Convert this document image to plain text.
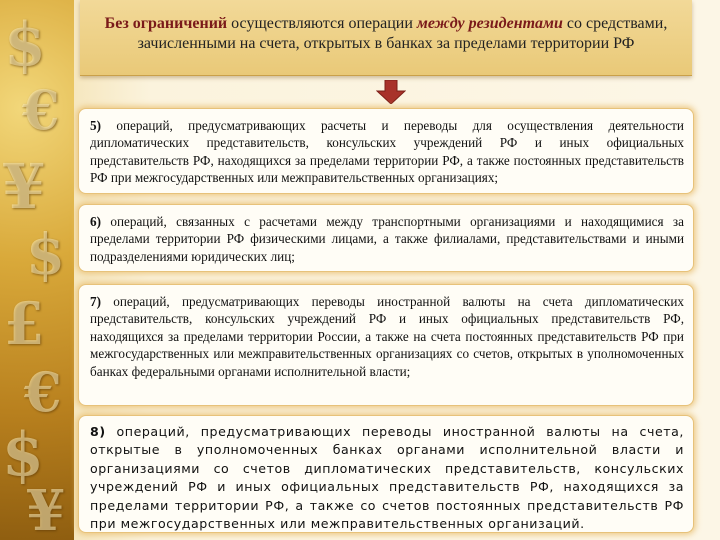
$
€
¥
$
£
€
$
¥
Без ограничений осуществляются операции между резидентами со средствами, зачисленными на счета, открытых в банках за пределами территории РФ
5) операций, предусматривающих расчеты и переводы для осуществления деятельности дипломатических представительств, консульских учреждений РФ и иных официальных представительств РФ, находящихся за пределами территории РФ, а также постоянных представительств РФ при межгосударственных или межправительственных организациях;
6) операций, связанных с расчетами между транспортными организациями и находящимися за пределами территории РФ физическими лицами, а также филиалами, представительствами и иными подразделениями юридических лиц;
7) операций, предусматривающих переводы иностранной валюты на счета дипломатических представительств, консульских учреждений РФ и иных официальных представительств РФ, находящихся за пределами территории России, а также на счета постоянных представительств РФ при межгосударственных или межправительственных организациях со счетов, открытых в уполномоченных банках федеральными органами исполнительной власти;
8) операций, предусматривающих переводы иностранной валюты на счета, открытые в уполномоченных банках органами исполнительной власти и организациями со счетов дипломатических представительств, консульских учреждений РФ и иных официальных представительств РФ, находящихся за пределами территории РФ, а также со счетов постоянных представительств РФ при межгосударственных или межправительственных организаций.
